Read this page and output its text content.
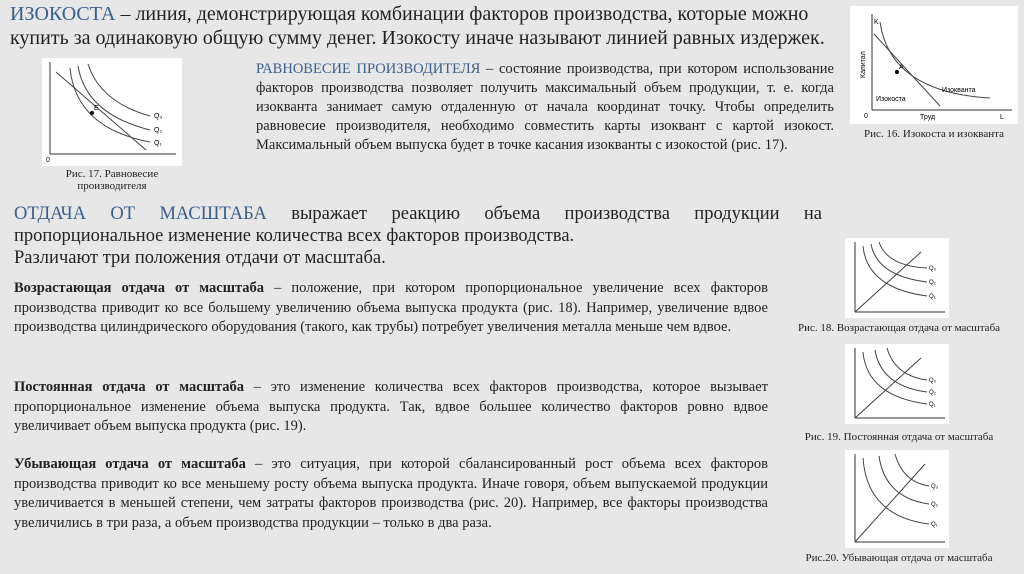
ИЗОКОСТА – линия, демонстрирующая комбинации факторов производства, которые можно купить за одинаковую общую сумму денег. Изокосту иначе называют линией равных издержек.
E
0
Q₃
Q₂
Q₁
Рис. 17. Равновесие производителя
РАВНОВЕСИЕ ПРОИЗВОДИТЕЛЯ – состояние производства, при котором использование факторов производства позволяет получить максимальный объем продукции, т. е. когда изокванта занимает самую отдаленную от начала координат точку. Чтобы определить равновесие производителя, необходимо совместить карты изоквант с картой изокост. Максимальный объем выпуска будет в точке касания изокванты с изокостой (рис. 17).
A
K
L
0	Труд
Капитал
Изокоста
Изокванта
Рис. 16. Изокоста и изокванта
ОТДАЧА ОТ МАСШТАБА выражает реакцию объема производства продукции на
пропорциональное изменение количества всех факторов производства.
Различают три положения отдачи от масштаба.
Возрастающая отдача от масштаба – положение, при котором пропорциональное увеличение всех факторов производства приводит ко все большему увеличению объема выпуска продукта (рис. 18). Например, увеличение вдвое производства цилиндрического оборудования (такого, как трубы) потребует увеличения металла меньше чем вдвое.
Постоянная отдача от масштаба – это изменение количества всех факторов производства, которое вызывает пропорциональное изменение объема выпуска продукта. Так, вдвое большее количество факторов ровно вдвое увеличивает объем выпуска продукта (рис. 19).
Убывающая отдача от масштаба – это ситуация, при которой сбалансированный рост объема всех факторов производства приводит ко все меньшему росту объема выпуска продукта. Иначе говоря, объем выпускаемой продукции увеличивается в меньшей степени, чем затраты факторов производства (рис. 20). Например, все факторы производства увеличились в три раза, а объем производства продукции – только в два раза.
Q₃
Q₂
Q₁
Рис. 18. Возрастающая отдача от масштаба
Q₃
Q₂
Q₁
Рис. 19. Постоянная отдача от масштаба
Q₃
Q₂
Q₁
Рис.20. Убывающая отдача от масштаба
